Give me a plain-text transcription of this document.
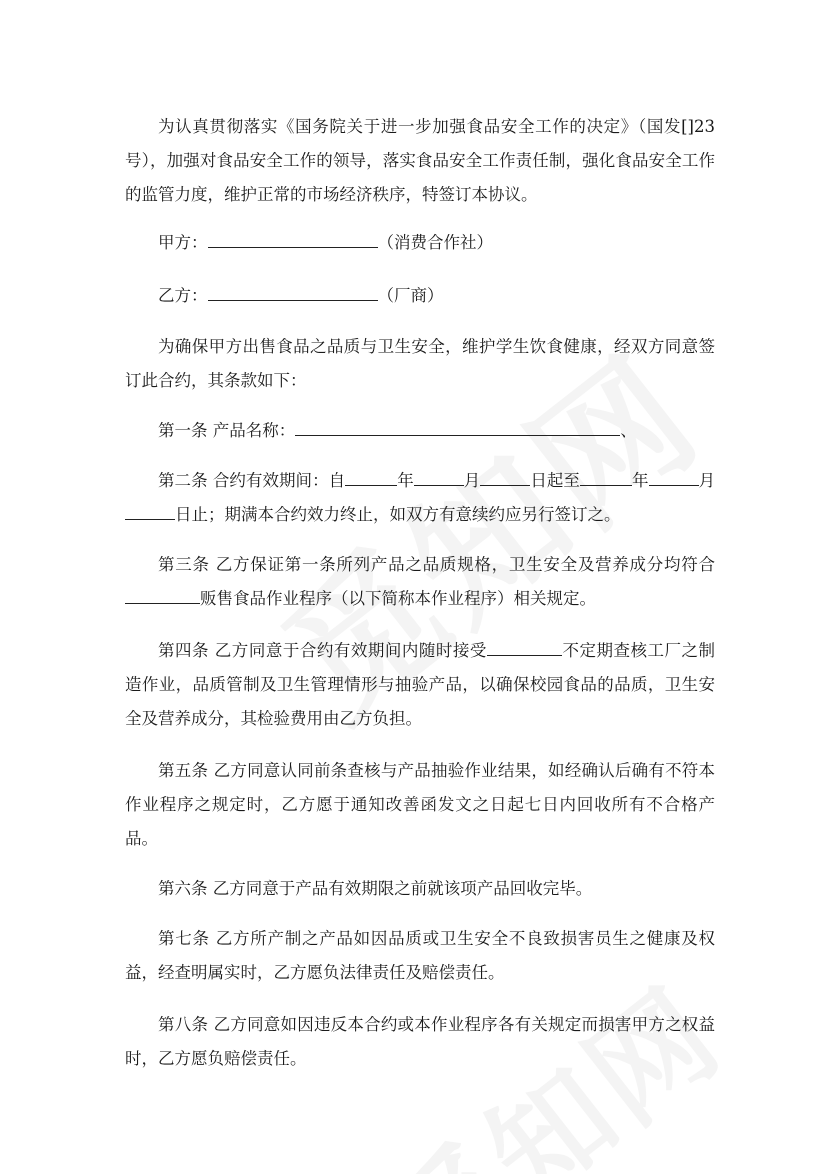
为认真贯彻落实《国务院关于进一步加强食品安全工作的决定》（国发[]23号），加强对食品安全工作的领导，落实食品安全工作责任制，强化食品安全工作的监管力度，维护正常的市场经济秩序，特签订本协议。

甲方：	（消费合作社）

乙方：	（厂商）

为确保甲方出售食品之品质与卫生安全，维护学生饮食健康，经双方同意签订此合约，其条款如下：

第一条 产品名称：	、

第二条 合约有效期间：自	年	月	日起至	年	月日止；期满本合约效力终止，如双方有意续约应另行签订之。

第三条 乙方保证第一条所列产品之品质规格，卫生安全及营养成分均符合贩售食品作业程序（以下简称本作业程序）相关规定。

第四条 乙方同意于合约有效期间内随时接受	不定期查核工厂之制造作业，品质管制及卫生管理情形与抽验产品，以确保校园食品的品质，卫生安全及营养成分，其检验费用由乙方负担。

第五条 乙方同意认同前条查核与产品抽验作业结果，如经确认后确有不符本作业程序之规定时，乙方愿于通知改善函发文之日起七日内回收所有不合格产品。

第六条 乙方同意于产品有效期限之前就该项产品回收完毕。

第七条 乙方所产制之产品如因品质或卫生安全不良致损害员生之健康及权益，经查明属实时，乙方愿负法律责任及赔偿责任。

第八条 乙方同意如因违反本合约或本作业程序各有关规定而损害甲方之权益时，乙方愿负赔偿责任。
